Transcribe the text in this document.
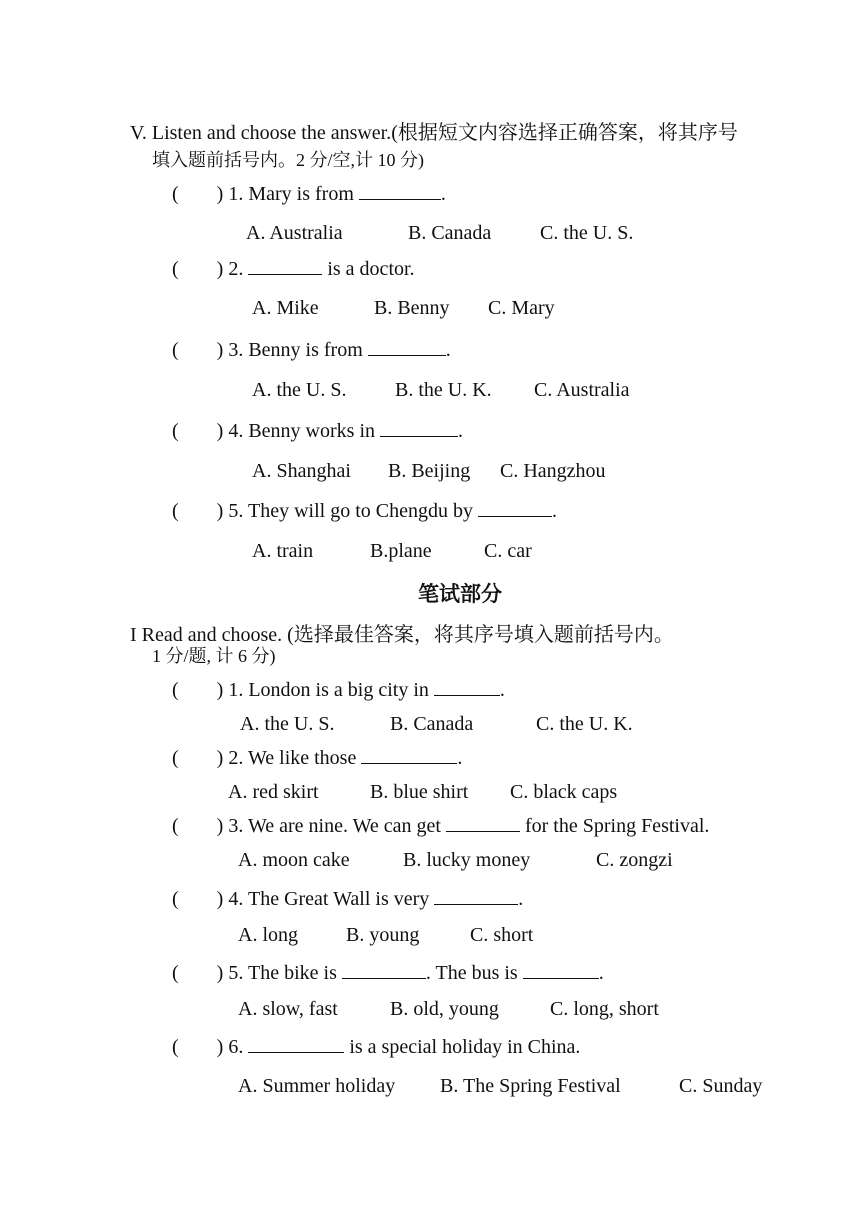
V. Listen and choose the answer.(根据短文内容选择正确答案，将其序号
填入题前括号内。2 分/空,计 10 分)
( ) 1. Mary is from	.
A. Australia	B. Canada C. the U. S.
( ) 2.	is a doctor.
A. Mike	B. Benny C. Mary
( ) 3. Benny is from	.
A. the U. S. B. the U. K. C. Australia
( ) 4. Benny works in	.
A. Shanghai B. Beijing C. Hangzhou
( ) 5. They will go to Chengdu by	.
A. train	B.plane	C. car
笔试部分
I Read and choose. (选择最佳答案，将其序号填入题前括号内。
1 分/题, 计 6 分)
( ) 1. London is a big city in	.
A. the U. S.	B. Canada	C. the U. K.
( ) 2. We like those	.
A. red skirt	B. blue shirt C. black caps
( ) 3. We are nine. We can get	for the Spring Festival.
A. moon cake	B. lucky money	C. zongzi
( ) 4. The Great Wall is very	.
A. long B. young	C. short
( ) 5. The bike is	. The bus is	.
A. slow, fast	B. old, young	C. long, short
( ) 6.	is a special holiday in China.
A. Summer holiday B. The Spring Festival	C. Sunday
